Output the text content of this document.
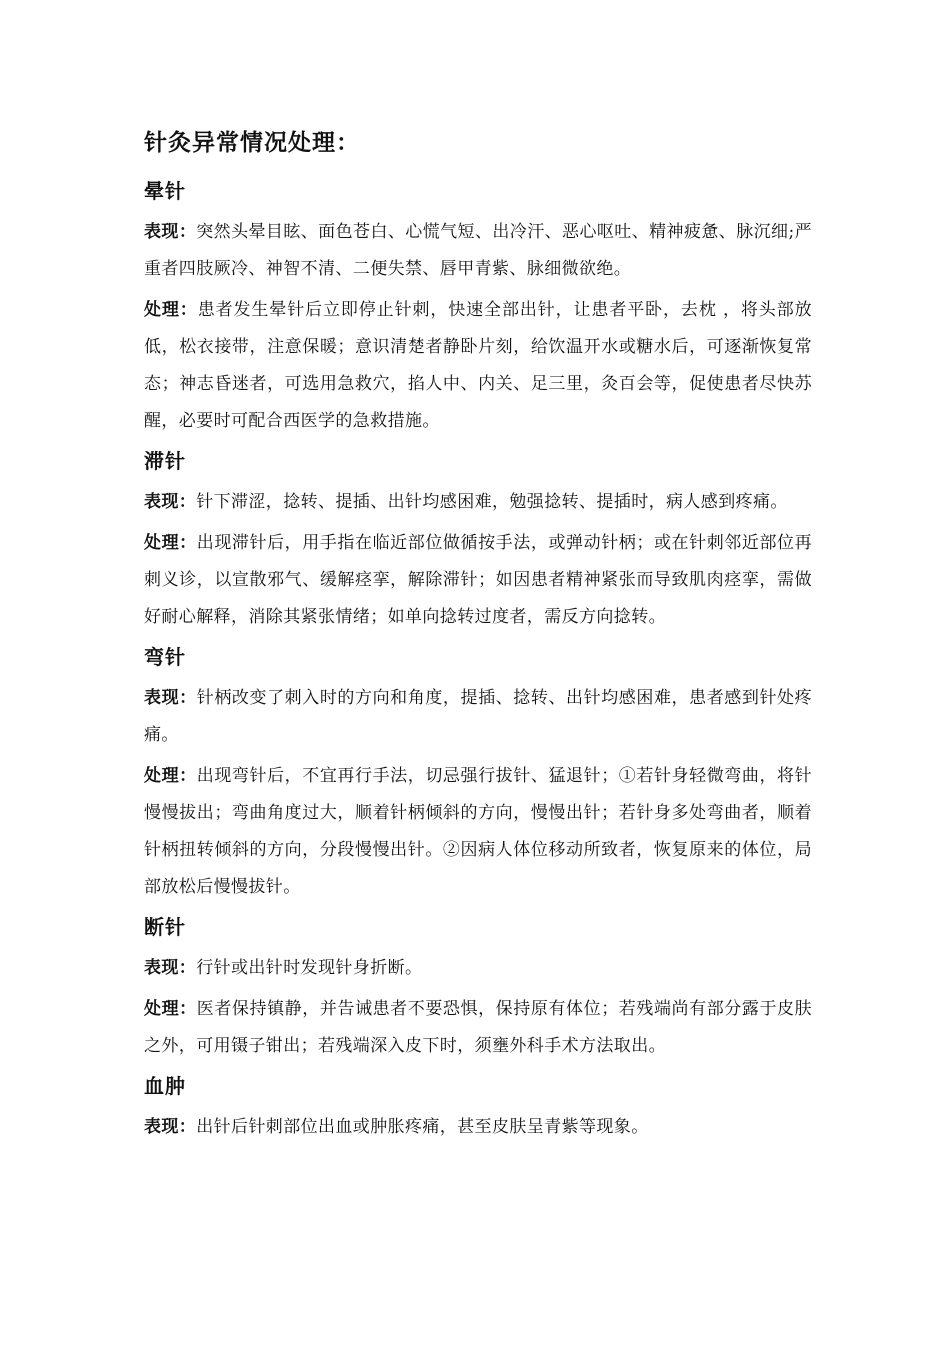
针灸异常情况处理：
晕针

表现：突然头晕目眩、面色苍白、心慌气短、出冷汗、恶心呕吐、精神疲惫、脉沉细;严重者四肢厥冷、神智不清、二便失禁、唇甲青紫、脉细微欲绝。

处理：患者发生晕针后立即停止针刺，快速全部出针，让患者平卧，去枕 ，将头部放低，松衣接带，注意保暖；意识清楚者静卧片刻，给饮温开水或糖水后，可逐渐恢复常态；神志昏迷者，可选用急救穴，掐人中、内关、足三里，灸百会等，促使患者尽快苏醒，必要时可配合西医学的急救措施。

滞针

表现：针下滞涩，捻转、提插、出针均感困难，勉强捻转、提插时，病人感到疼痛。

处理：出现滞针后，用手指在临近部位做循按手法，或弹动针柄；或在针刺邻近部位再刺义诊，以宣散邪气、缓解痉挛，解除滞针；如因患者精神紧张而导致肌肉痉挛，需做好耐心解释，消除其紧张情绪；如单向捻转过度者，需反方向捻转。

弯针

表现：针柄改变了刺入时的方向和角度，提插、捻转、出针均感困难，患者感到针处疼痛。

处理：出现弯针后，不宜再行手法，切忌强行拔针、猛退针；①若针身轻微弯曲，将针慢慢拔出；弯曲角度过大，顺着针柄倾斜的方向，慢慢出针；若针身多处弯曲者，顺着针柄扭转倾斜的方向，分段慢慢出针。②因病人体位移动所致者，恢复原来的体位，局部放松后慢慢拔针。

断针

表现：行针或出针时发现针身折断。

处理：医者保持镇静，并告诫患者不要恐惧，保持原有体位；若残端尚有部分露于皮肤之外，可用镊子钳出；若残端深入皮下时，须壅外科手术方法取出。

血肿

表现：出针后针刺部位出血或肿胀疼痛，甚至皮肤呈青紫等现象。
